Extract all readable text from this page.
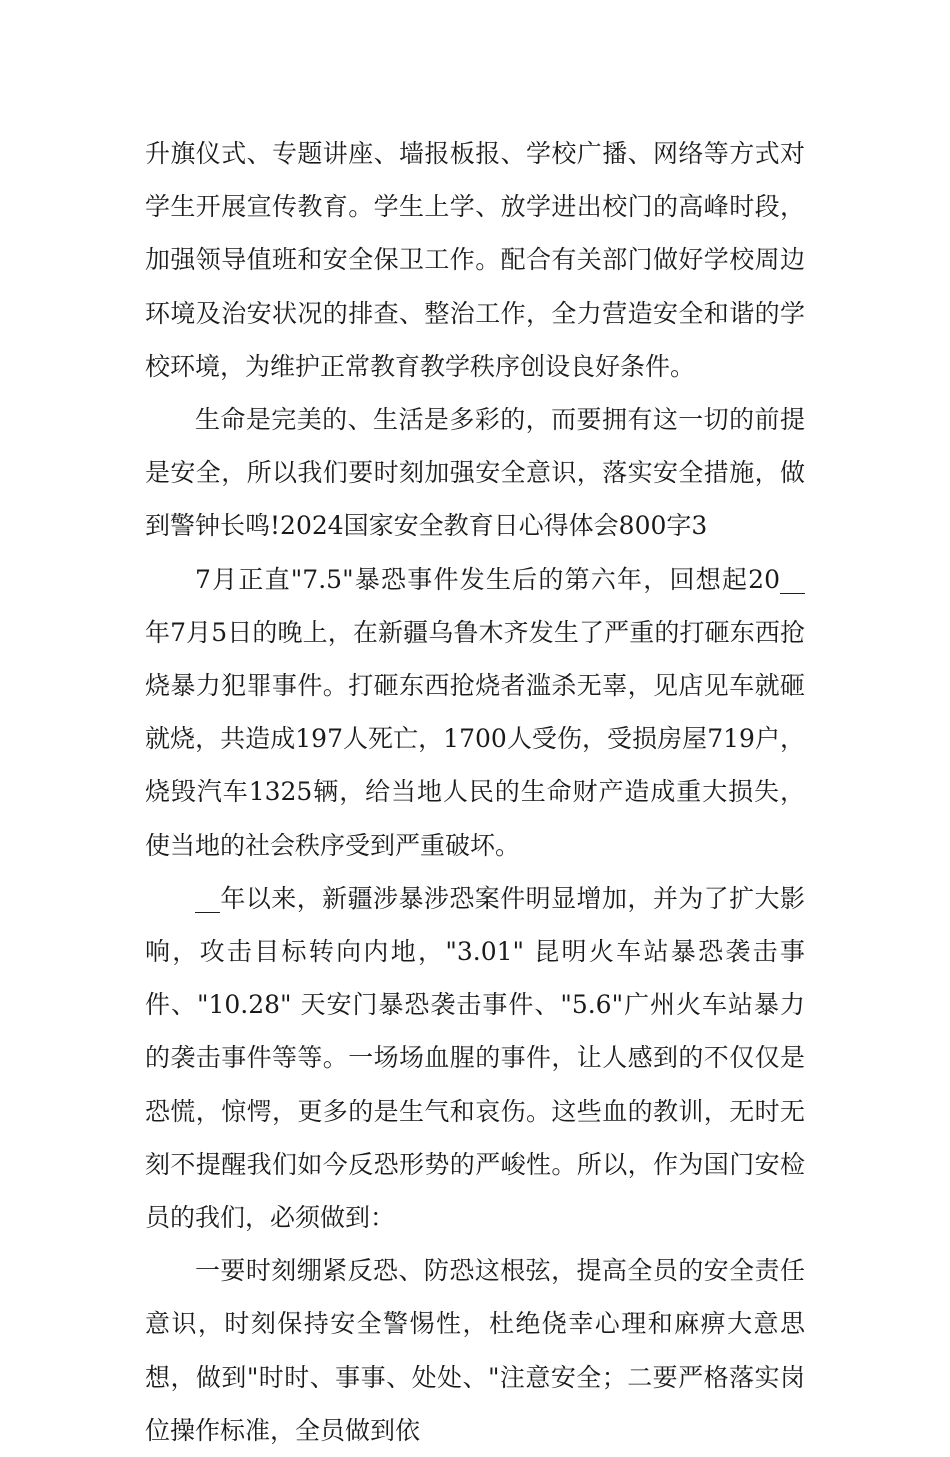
升旗仪式、专题讲座、墙报板报、学校广播、网络等方式对学生开展宣传教育。学生上学、放学进出校门的高峰时段，加强领导值班和安全保卫工作。配合有关部门做好学校周边环境及治安状况的排查、整治工作，全力营造安全和谐的学校环境，为维护正常教育教学秩序创设良好条件。

生命是完美的、生活是多彩的，而要拥有这一切的前提是安全，所以我们要时刻加强安全意识，落实安全措施，做到警钟长鸣!2024国家安全教育日心得体会800字3

7月正直"7.5"暴恐事件发生后的第六年，回想起20__年7月5日的晚上，在新疆乌鲁木齐发生了严重的打砸东西抢烧暴力犯罪事件。打砸东西抢烧者滥杀无辜，见店见车就砸就烧，共造成197人死亡，1700人受伤，受损房屋719户，烧毁汽车1325辆，给当地人民的生命财产造成重大损失，使当地的社会秩序受到严重破坏。

__年以来，新疆涉暴涉恐案件明显增加，并为了扩大影响，攻击目标转向内地，"3.01" 昆明火车站暴恐袭击事件、"10.28" 天安门暴恐袭击事件、"5.6"广州火车站暴力的袭击事件等等。一场场血腥的事件，让人感到的不仅仅是恐慌，惊愕，更多的是生气和哀伤。这些血的教训，无时无刻不提醒我们如今反恐形势的严峻性。所以，作为国门安检员的我们，必须做到：

一要时刻绷紧反恐、防恐这根弦，提高全员的安全责任意识，时刻保持安全警惕性，杜绝侥幸心理和麻痹大意思想，做到"时时、事事、处处、"注意安全；二要严格落实岗位操作标准，全员做到依
